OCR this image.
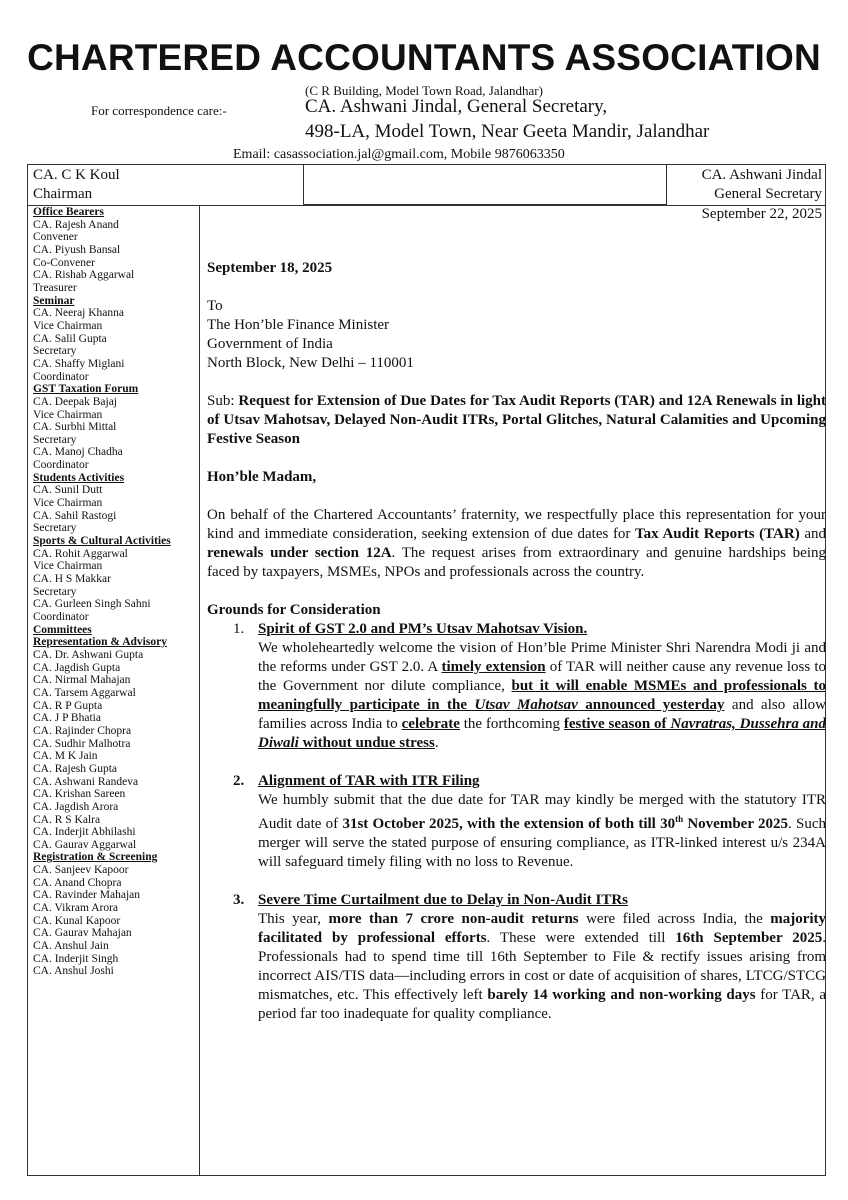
CHARTERED ACCOUNTANTS ASSOCIATION
(C R Building, Model Town Road, Jalandhar)
For correspondence care:-	CA. Ashwani Jindal, General Secretary,
498-LA, Model Town, Near Geeta Mandir, Jalandhar
Email: casassociation.jal@gmail.com, Mobile 9876063350
CA. C K Koul
Chairman
CA. Ashwani Jindal
General Secretary
September 22, 2025
Office Bearers
CA. Rajesh Anand
Convener
CA. Piyush Bansal
Co-Convener
CA. Rishab Aggarwal
Treasurer
Seminar
CA. Neeraj Khanna
Vice Chairman
CA. Salil Gupta
Secretary
CA. Shaffy Miglani
Coordinator
GST Taxation Forum
CA. Deepak Bajaj
Vice Chairman
CA. Surbhi Mittal
Secretary
CA. Manoj Chadha
Coordinator
Students Activities
CA. Sunil Dutt
Vice Chairman
CA. Sahil Rastogi
Secretary
Sports & Cultural Activities
CA. Rohit Aggarwal
Vice Chairman
CA. H S Makkar
Secretary
CA. Gurleen Singh Sahni
Coordinator
Committees
Representation & Advisory
CA. Dr. Ashwani Gupta
CA. Jagdish Gupta
CA. Nirmal Mahajan
CA. Tarsem Aggarwal
CA. R P Gupta
CA. J P Bhatia
CA. Rajinder Chopra
CA. Sudhir Malhotra
CA. M K Jain
CA. Rajesh Gupta
CA. Ashwani Randeva
CA. Krishan Sareen
CA. Jagdish Arora
CA. R S Kalra
CA. Inderjit Abhilashi
CA. Gaurav Aggarwal
Registration & Screening
CA. Sanjeev Kapoor
CA. Anand Chopra
CA. Ravinder Mahajan
CA. Vikram Arora
CA. Kunal Kapoor
CA. Gaurav Mahajan
CA. Anshul Jain
CA. Inderjit Singh
CA. Anshul Joshi
September 18, 2025
To
The Hon’ble Finance Minister
Government of India
North Block, New Delhi – 110001
Sub: Request for Extension of Due Dates for Tax Audit Reports (TAR) and 12A Renewals in light of Utsav Mahotsav, Delayed Non-Audit ITRs, Portal Glitches, Natural Calamities and Upcoming Festive Season
Hon’ble Madam,
On behalf of the Chartered Accountants’ fraternity, we respectfully place this representation for your kind and immediate consideration, seeking extension of due dates for Tax Audit Reports (TAR) and renewals under section 12A. The request arises from extraordinary and genuine hardships being faced by taxpayers, MSMEs, NPOs and professionals across the country.
Grounds for Consideration
1. Spirit of GST 2.0 and PM’s Utsav Mahotsav Vision.
We wholeheartedly welcome the vision of Hon’ble Prime Minister Shri Narendra Modi ji and the reforms under GST 2.0. A timely extension of TAR will neither cause any revenue loss to the Government nor dilute compliance, but it will enable MSMEs and professionals to meaningfully participate in the Utsav Mahotsav announced yesterday and also allow families across India to celebrate the forthcoming festive season of Navratras, Dussehra and Diwali without undue stress.
2. Alignment of TAR with ITR Filing
We humbly submit that the due date for TAR may kindly be merged with the statutory ITR Audit date of 31st October 2025, with the extension of both till 30th November 2025. Such merger will serve the stated purpose of ensuring compliance, as ITR-linked interest u/s 234A will safeguard timely filing with no loss to Revenue.
3. Severe Time Curtailment due to Delay in Non-Audit ITRs
This year, more than 7 crore non-audit returns were filed across India, the majority facilitated by professional efforts. These were extended till 16th September 2025. Professionals had to spend time till 16th September to File & rectify issues arising from incorrect AIS/TIS data—including errors in cost or date of acquisition of shares, LTCG/STCG mismatches, etc. This effectively left barely 14 working and non-working days for TAR, a period far too inadequate for quality compliance.
